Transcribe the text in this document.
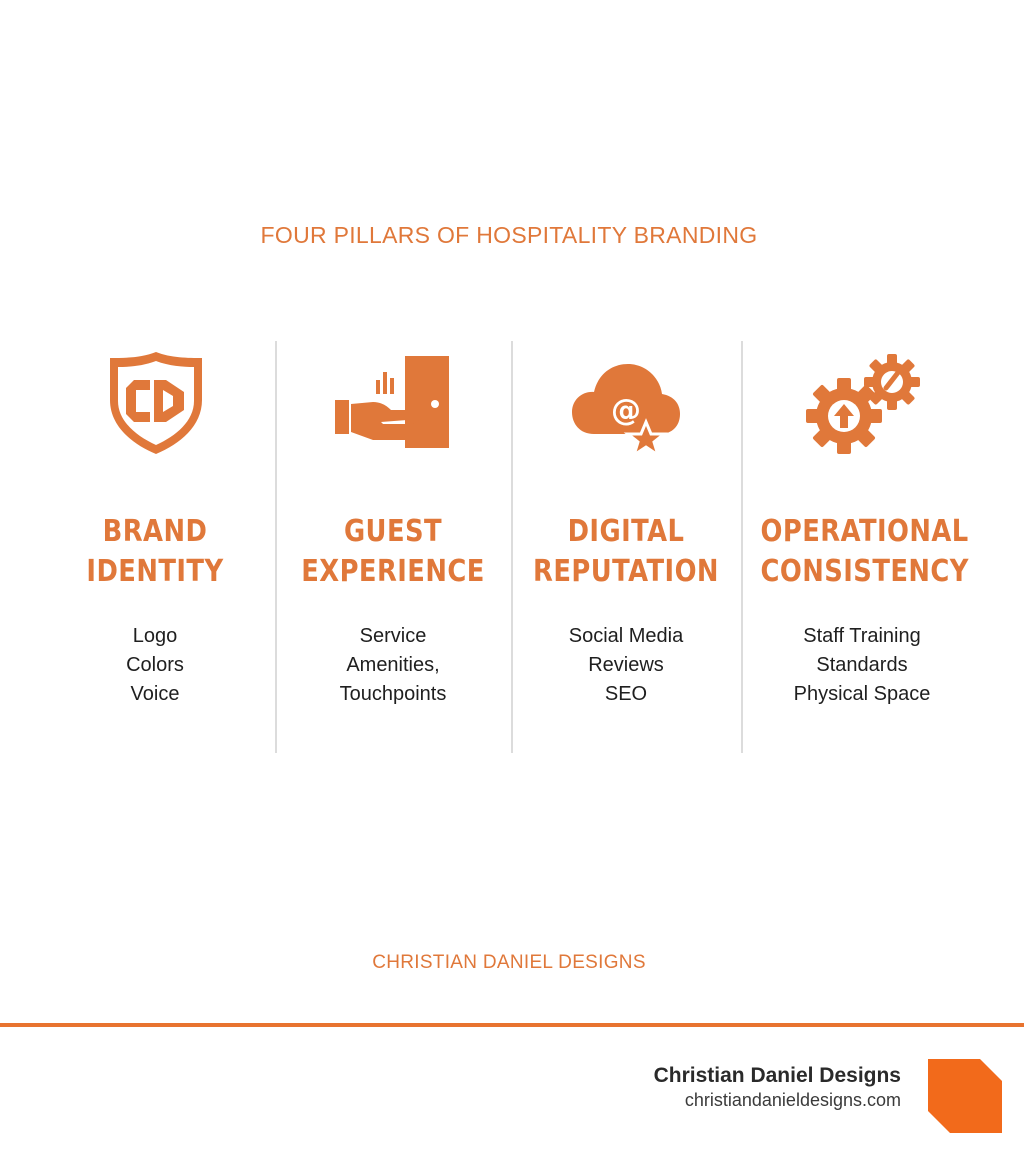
FOUR PILLARS OF HOSPITALITY BRANDING
BRAND
IDENTITY
Logo
Colors
Voice
GUEST
EXPERIENCE
Service
Amenities,
Touchpoints
@
DIGITAL
REPUTATION
Social Media
Reviews
SEO
OPERATIONAL
CONSISTENCY
Staff Training
Standards
Physical Space
CHRISTIAN DANIEL DESIGNS
Christian Daniel Designs
christiandanieldesigns.com
